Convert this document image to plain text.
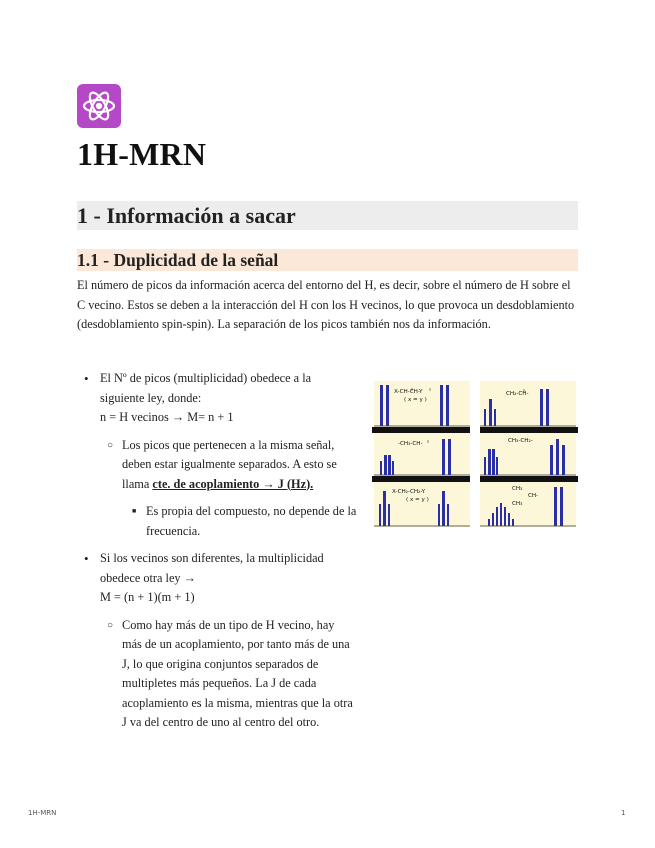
1H-MRN
1 - Información a sacar
1.1 - Duplicidad de la señal

El número de picos da información acerca del entorno del H, es decir, sobre el número de H sobre el C vecino. Estos se deben a la interacción del H con los H vecinos, lo que provoca un desdoblamiento (desdoblamiento spin-spin). La separación de los picos también nos da información.

• El Nº de picos (multiplicidad) obedece a la siguiente ley, donde:
n = H vecinos → M= n + 1
○ Los picos que pertenecen a la misma señal, deben estar igualmente separados. A esto se llama cte. de acoplamiento → J (Hz).
■ Es propia del compuesto, no depende de la frecuencia.
• Si los vecinos son diferentes, la multiplicidad obedece otra ley →
M = (n + 1)(m + 1)
○ Como hay más de un tipo de H vecino, hay más de un acoplamiento, por tanto más de una J, lo que origina conjuntos separados de multipletes más pequeños. La J de cada acoplamiento es la misma, mientras que la otra J va del centro de uno al centro del otro.
X-CH-CH-Y
( x = y )
CH₂-CH-
-CH₃-CH-	CH₃-CH₂-
X-CH₂-CH₂-Y
( x = y )
CH₃
CH-
CH₃
1H-MRN	1
